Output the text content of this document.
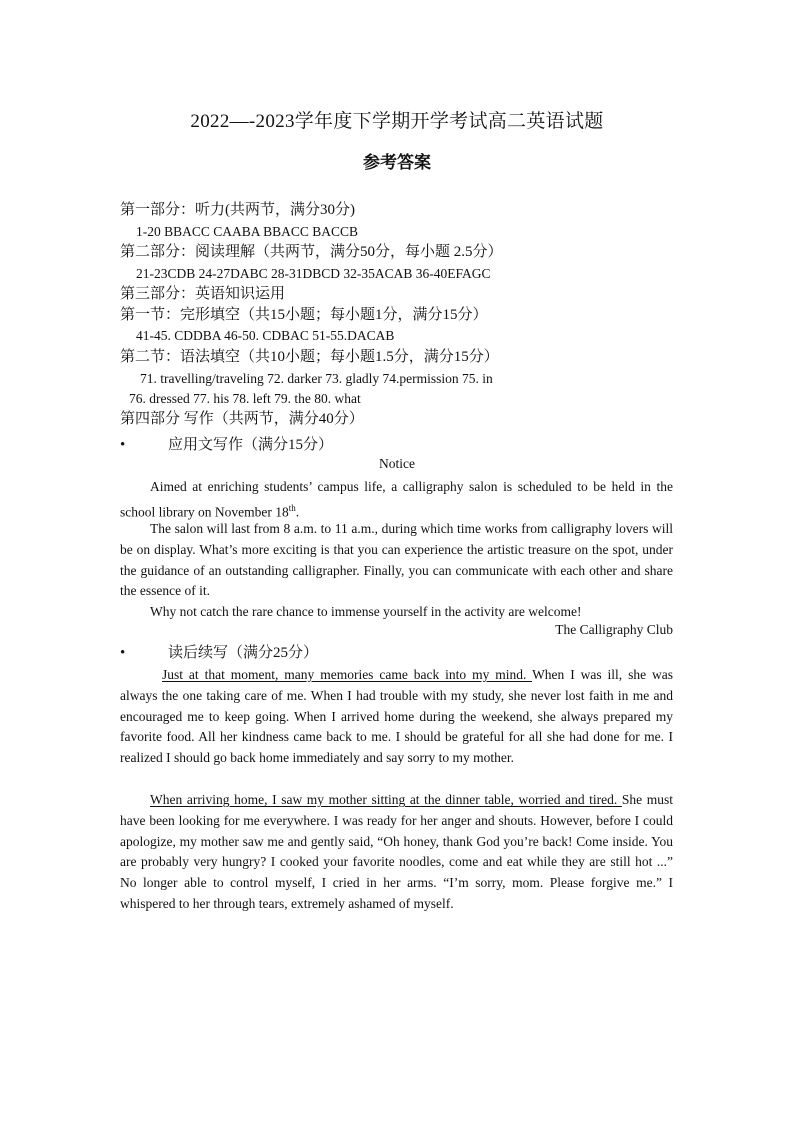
2022—-2023学年度下学期开学考试高二英语试题
参考答案
第一部分：听力(共两节，满分30分)
1-20 BBACC CAABA BBACC BACCB
第二部分：阅读理解（共两节，满分50分，每小题 2.5分）
21-23CDB 24-27DABC 28-31DBCD 32-35ACAB 36-40EFAGC
第三部分：英语知识运用
第一节：完形填空（共15小题；每小题1分，满分15分）
41-45. CDDBA 46-50. CDBAC 51-55.DACAB
第二节：语法填空（共10小题；每小题1.5分，满分15分）
71. travelling/traveling 72. darker 73. gladly 74.permission 75. in
76. dressed 77. his 78. left 79. the 80. what
第四部分 写作（共两节，满分40分）
•	应用文写作（满分15分）
Notice

Aimed at enriching students’ campus life, a calligraphy salon is scheduled to be held in the school library on November 18th.

The salon will last from 8 a.m. to 11 a.m., during which time works from calligraphy lovers will be on display. What’s more exciting is that you can experience the artistic treasure on the spot, under the guidance of an outstanding calligrapher. Finally, you can communicate with each other and share the essence of it.

Why not catch the rare chance to immense yourself in the activity are welcome!

The Calligraphy Club
•	读后续写（满分25分）

Just at that moment, many memories came back into my mind. When I was ill, she was always the one taking care of me. When I had trouble with my study, she never lost faith in me and encouraged me to keep going. When I arrived home during the weekend, she always prepared my favorite food. All her kindness came back to me. I should be grateful for all she had done for me. I realized I should go back home immediately and say sorry to my mother.

When arriving home, I saw my mother sitting at the dinner table, worried and tired. She must have been looking for me everywhere. I was ready for her anger and shouts. However, before I could apologize, my mother saw me and gently said, “Oh honey, thank God you’re back! Come inside. You are probably very hungry? I cooked your favorite noodles, come and eat while they are still hot ...” No longer able to control myself, I cried in her arms. “I’m sorry, mom. Please forgive me.” I whispered to her through tears, extremely ashamed of myself.
